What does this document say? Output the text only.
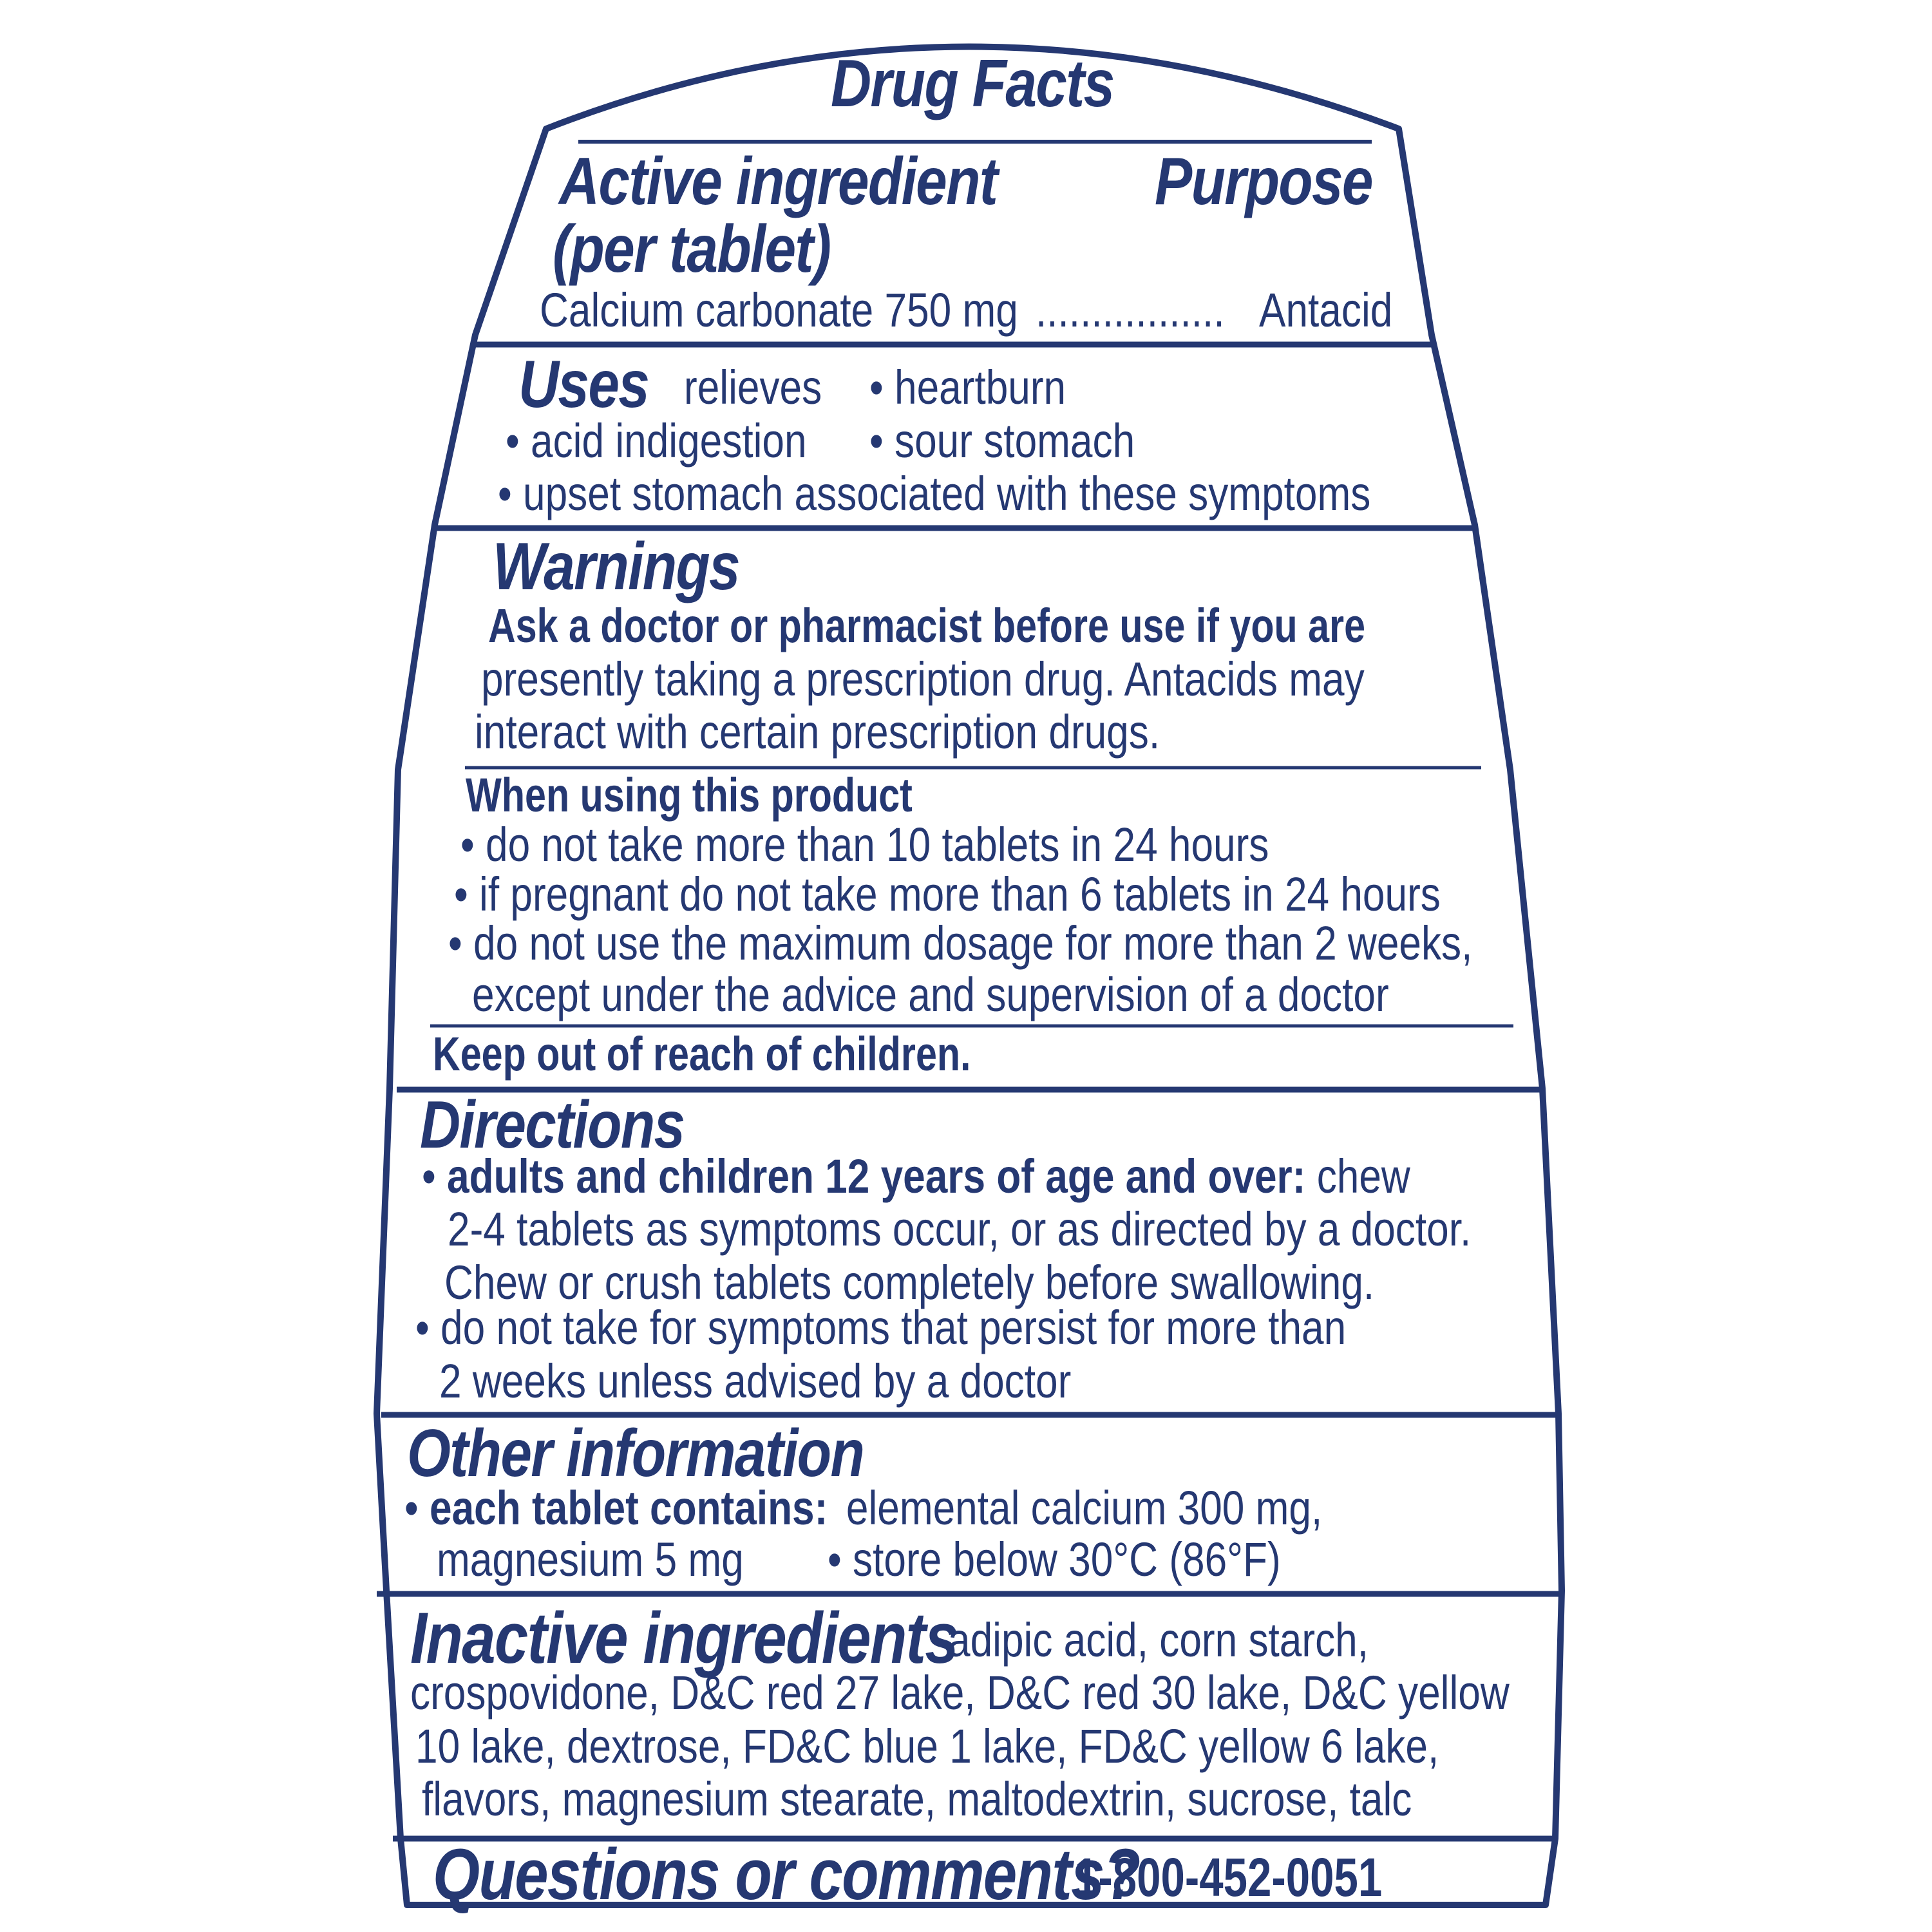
Drug Facts
Active ingredient
(per tablet)
Purpose
Calcium carbonate 750 mg ................. Antacid
Uses relieves • heartburn
• acid indigestion • sour stomach
• upset stomach associated with these symptoms
Warnings
Ask a doctor or pharmacist before use if you are
presently taking a prescription drug. Antacids may
interact with certain prescription drugs.
When using this product
• do not take more than 10 tablets in 24 hours
• if pregnant do not take more than 6 tablets in 24 hours
• do not use the maximum dosage for more than 2 weeks,
except under the advice and supervision of a doctor
Keep out of reach of children.
Directions
• adults and children 12 years of age and over: chew
2-4 tablets as symptoms occur, or as directed by a doctor.
Chew or crush tablets completely before swallowing.
• do not take for symptoms that persist for more than
2 weeks unless advised by a doctor
Other information
• each tablet contains: elemental calcium 300 mg,
magnesium 5 mg • store below 30°C (86°F)
Inactive ingredients
adipic acid, corn starch,
crospovidone, D&C red 27 lake, D&C red 30 lake, D&C yellow
10 lake, dextrose, FD&C blue 1 lake, FD&C yellow 6 lake,
flavors, magnesium stearate, maltodextrin, sucrose, talc
Questions or comments?
1-800-452-0051
